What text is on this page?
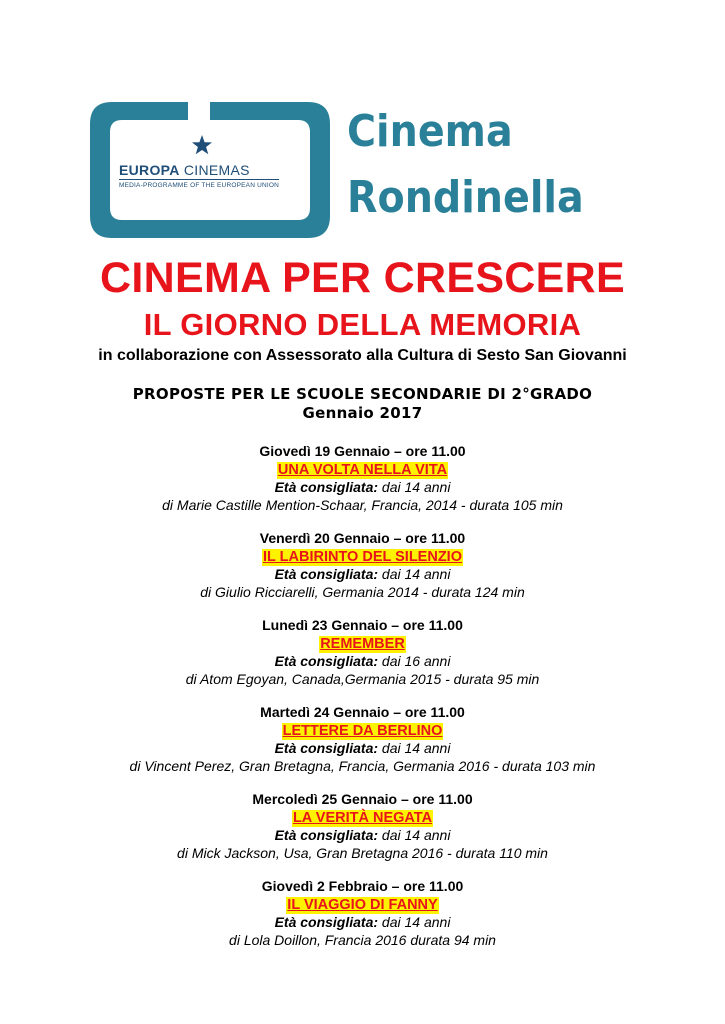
EUROPA CINEMAS
MEDIA-PROGRAMME OF THE EUROPEAN UNION
Cinema
Rondinella
CINEMA PER CRESCERE
IL GIORNO DELLA MEMORIA
in collaborazione con Assessorato alla Cultura di Sesto San Giovanni
PROPOSTE PER LE SCUOLE SECONDARIE DI 2°GRADO
Gennaio 2017
Giovedì 19 Gennaio – ore 11.00
UNA VOLTA NELLA VITA
Età consigliata: dai 14 anni
di Marie Castille Mention-Schaar, Francia, 2014 - durata 105 min
Venerdì 20 Gennaio – ore 11.00
IL LABIRINTO DEL SILENZIO
Età consigliata: dai 14 anni
di Giulio Ricciarelli, Germania 2014 - durata 124 min
Lunedì 23 Gennaio – ore 11.00
REMEMBER
Età consigliata: dai 16 anni
di Atom Egoyan, Canada,Germania 2015 - durata 95 min
Martedì 24 Gennaio – ore 11.00
LETTERE DA BERLINO
Età consigliata: dai 14 anni
di Vincent Perez, Gran Bretagna, Francia, Germania 2016 - durata 103 min
Mercoledì 25 Gennaio – ore 11.00
LA VERITÀ NEGATA
Età consigliata: dai 14 anni
di Mick Jackson, Usa, Gran Bretagna 2016 - durata 110 min
Giovedì 2 Febbraio – ore 11.00
IL VIAGGIO DI FANNY
Età consigliata: dai 14 anni
di Lola Doillon, Francia 2016 durata 94 min
